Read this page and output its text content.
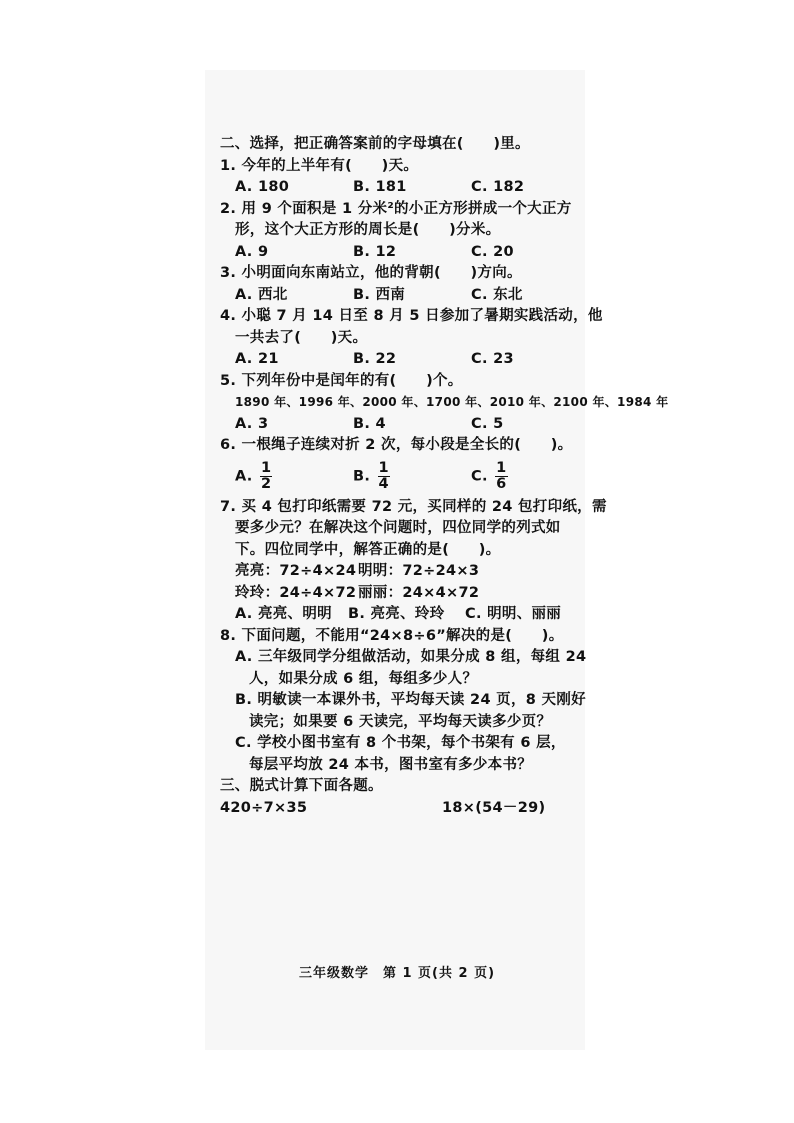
二、选择，把正确答案前的字母填在(　　)里。
1. 今年的上半年有(　　)天。
A. 180	B. 181	C. 182
2. 用 9 个面积是 1 分米²的小正方形拼成一个大正方
形，这个大正方形的周长是(　　)分米。
A. 9	B. 12	C. 20
3. 小明面向东南站立，他的背朝(　　)方向。
A. 西北	B. 西南	C. 东北
4. 小聪 7 月 14 日至 8 月 5 日参加了暑期实践活动，他
一共去了(　　)天。
A. 21	B. 22	C. 23
5. 下列年份中是闰年的有(　　)个。
1890 年、1996 年、2000 年、1700 年、2010 年、2100 年、1984 年
A. 3	B. 4	C. 5
6. 一根绳子连续对折 2 次，每小段是全长的(　　)。
A. $\frac{1}{2}$	B. $\frac{1}{4}$	C. $\frac{1}{6}$
7. 买 4 包打印纸需要 72 元，买同样的 24 包打印纸，需
要多少元？在解决这个问题时，四位同学的列式如
下。四位同学中，解答正确的是(　　)。
亮亮：72÷4×24 明明：72÷24×3
玲玲：24÷4×72 丽丽：24×4×72
A. 亮亮、明明	B. 亮亮、玲玲	C. 明明、丽丽
8. 下面问题，不能用“24×8÷6”解决的是(　　)。
A. 三年级同学分组做活动，如果分成 8 组，每组 24
人，如果分成 6 组，每组多少人？
B. 明敏读一本课外书，平均每天读 24 页，8 天刚好
读完；如果要 6 天读完，平均每天读多少页？
C. 学校小图书室有 8 个书架，每个书架有 6 层，
每层平均放 24 本书，图书室有多少本书？
三、脱式计算下面各题。
420÷7×35	18×(54－29)
三年级数学　第 1 页(共 2 页)
